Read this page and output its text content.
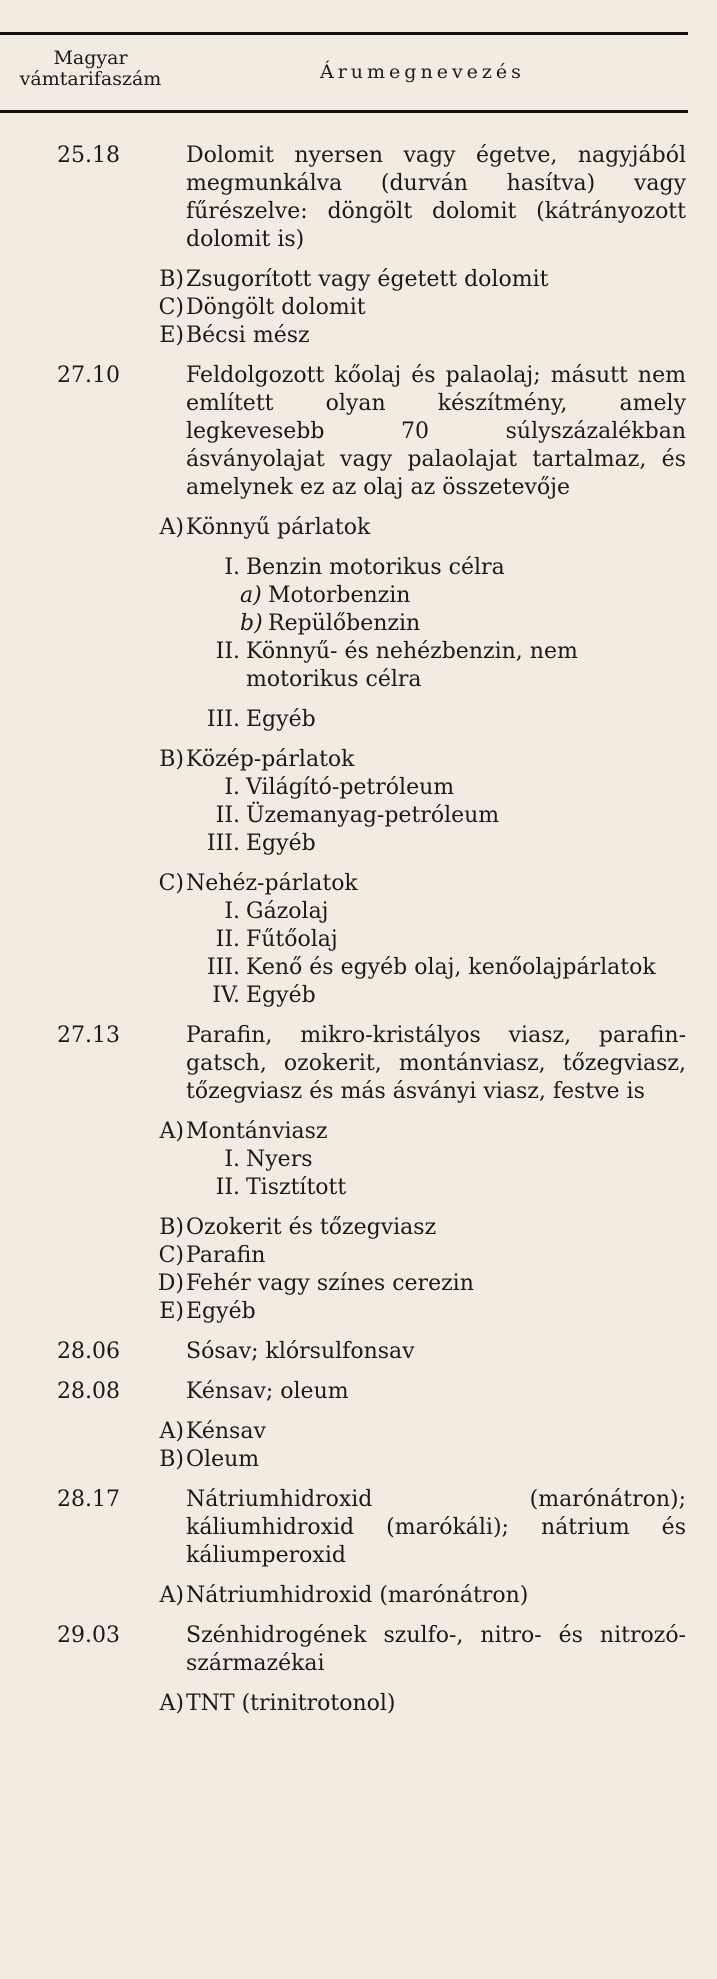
Magyar
vámtarifaszám	Árumegnevezés
25.18	Dolomit nyersen vagy égetve, nagyjából megmunkálva (durván hasítva) vagy fűrészelve: döngölt dolomit (kátrányozott dolomit is)

B) Zsugorított vagy égetett dolomit

C) Döngölt dolomit

E) Bécsi mész

27.10	Feldolgozott kőolaj és palaolaj; másutt nem említett olyan készítmény, amely legkevesebb 70 súlyszázalékban ásványolajat vagy palaolajat tartalmaz, és amelynek ez az olaj az összetevője

A) Könnyű párlatok

I. Benzin motorikus célra

a) Motorbenzin

b) Repülőbenzin

II. Könnyű- és nehézbenzin, nem motorikus célra

III. Egyéb

B) Közép-párlatok

I. Világító-petróleum

II. Üzemanyag-petróleum

III. Egyéb

C) Nehéz-párlatok

I. Gázolaj

II. Fűtőolaj

III. Kenő és egyéb olaj, kenőolajpárlatok

IV. Egyéb

27.13	Parafin, mikro-kristályos viasz, parafin-gatsch, ozokerit, montánviasz, tőzegviasz, tőzegviasz és más ásványi viasz, festve is

A) Montánviasz

I. Nyers

II. Tisztított

B) Ozokerit és tőzegviasz

C) Parafin

D) Fehér vagy színes cerezin

E) Egyéb

28.06	Sósav; klórsulfonsav

28.08	Kénsav; oleum

A) Kénsav

B) Oleum

28.17	Nátriumhidroxid (marónátron); káliumhidroxid (marókáli); nátrium és káliumperoxid

A) Nátriumhidroxid (marónátron)

29.03	Szénhidrogének szulfo-, nitro- és nitrozó-származékai

A) TNT (trinitrotonol)
